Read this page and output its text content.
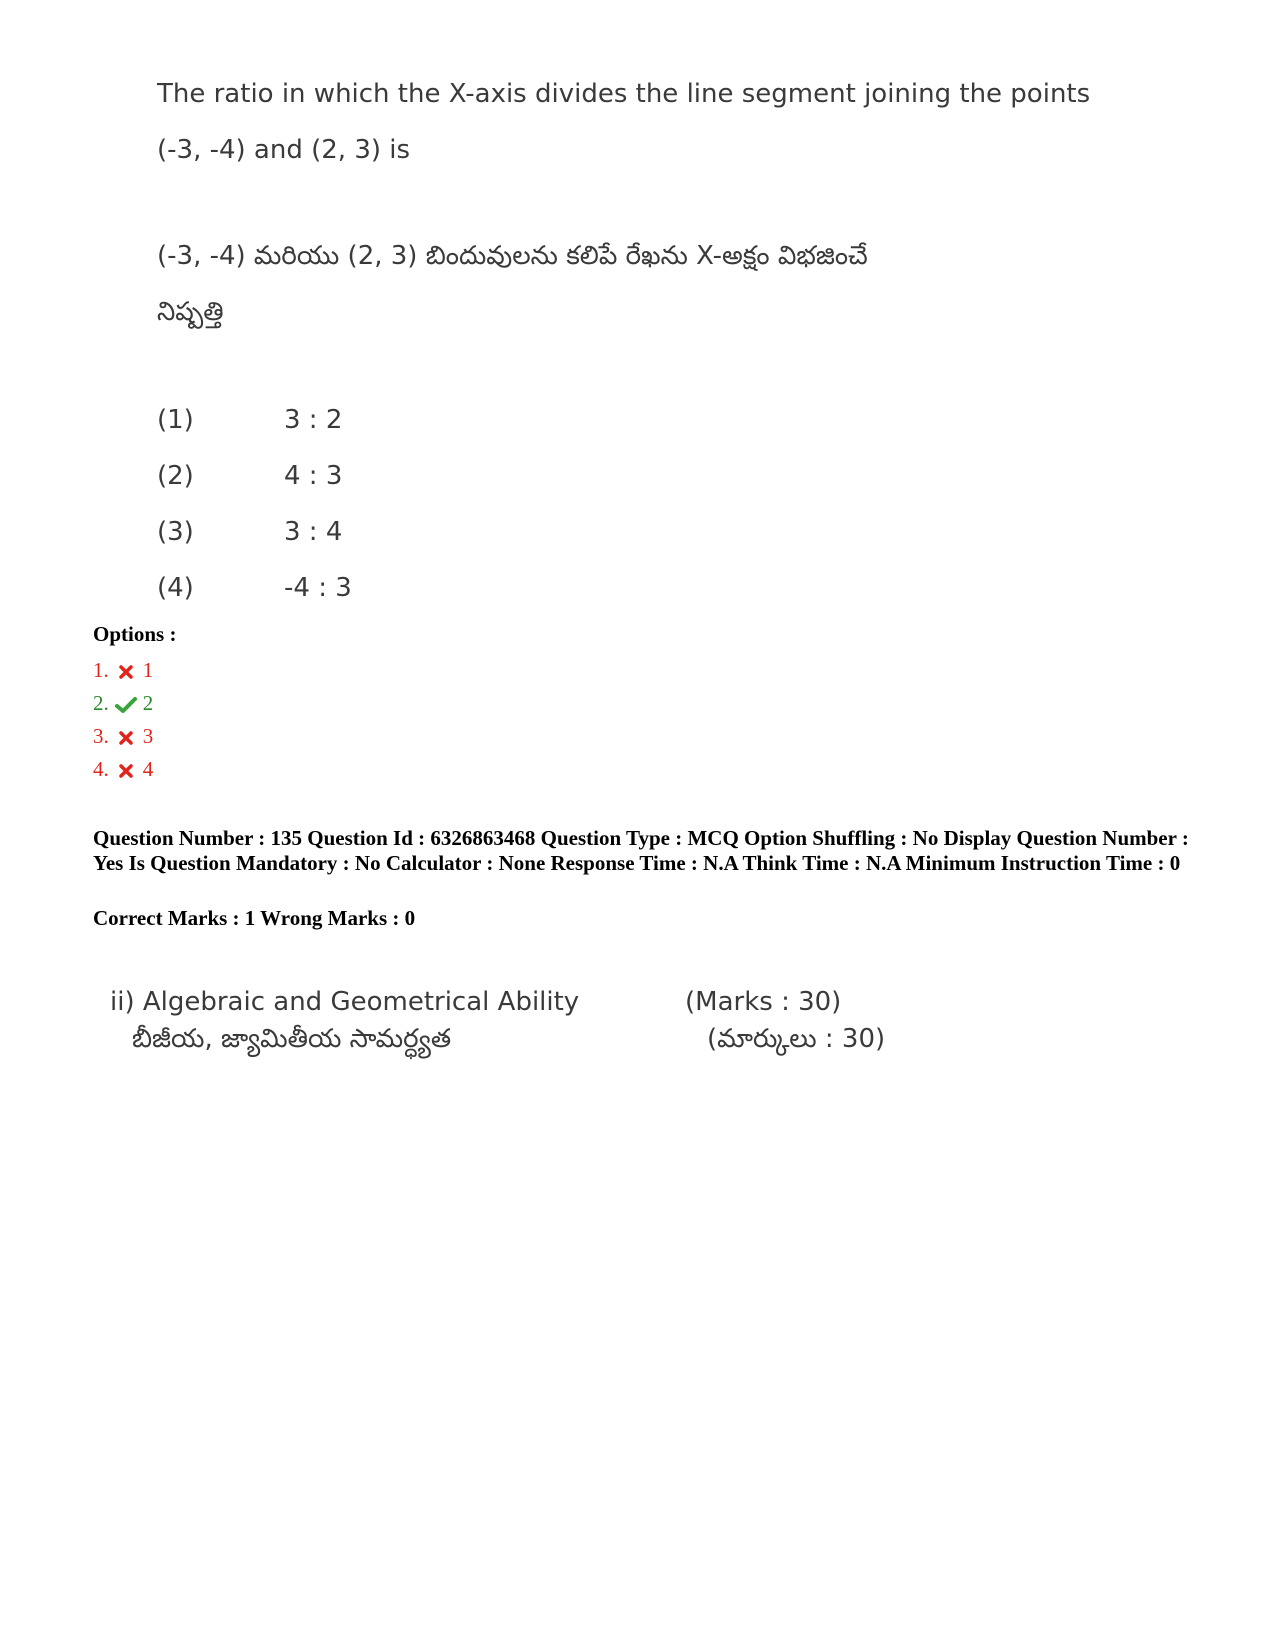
The ratio in which the X-axis divides the line segment joining the points
(-3, -4) and (2, 3) is
(-3, -4) మరియు (2, 3) బిందువులను కలిపే రేఖను X-అక్షం విభజించే
నిష్పత్తి
(1)	3 : 2
(2)	4 : 3
(3)	3 : 4
(4)	-4 : 3
Options :
1. 1
2. 2
3. 3
4. 4
Question Number : 135 Question Id : 6326863468 Question Type : MCQ Option Shuffling : No Display Question Number : Yes Is Question Mandatory : No Calculator : None Response Time : N.A Think Time : N.A Minimum Instruction Time : 0
Correct Marks : 1 Wrong Marks : 0
ii) Algebraic and Geometrical Ability	(Marks : 30)
బీజీయ, జ్యామితీయ సామర్ధ్యత	(మార్కులు : 30)
